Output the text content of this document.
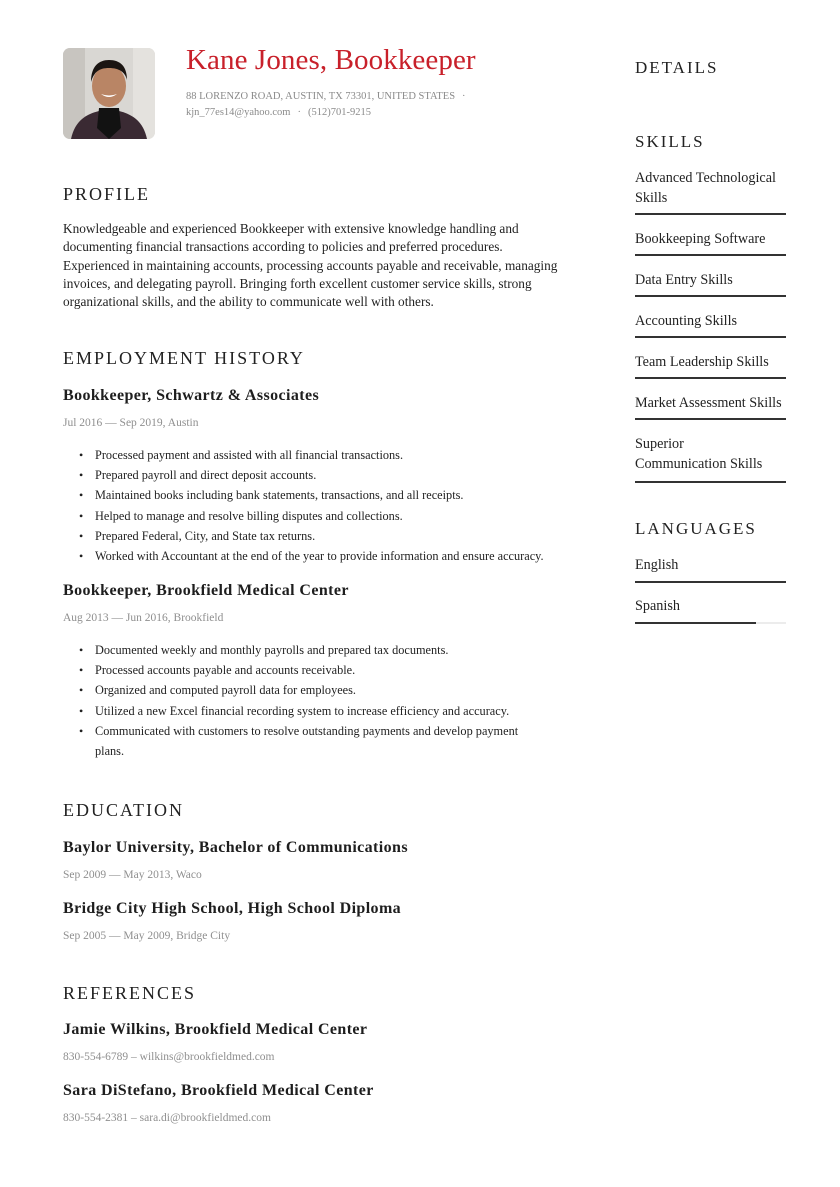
Kane Jones, Bookkeeper
88 LORENZO ROAD, AUSTIN, TX 73301, UNITED STATES ·
kjn_77es14@yahoo.com · (512)701-9215
PROFILE
Knowledgeable and experienced Bookkeeper with extensive knowledge handling and
documenting financial transactions according to policies and preferred procedures.
Experienced in maintaining accounts, processing accounts payable and receivable, managing
invoices, and delegating payroll. Bringing forth excellent customer service skills, strong
organizational skills, and the ability to communicate well with others.
EMPLOYMENT HISTORY
Bookkeeper, Schwartz & Associates
Jul 2016 — Sep 2019, Austin
• Processed payment and assisted with all financial transactions.
• Prepared payroll and direct deposit accounts.
• Maintained books including bank statements, transactions, and all receipts.
• Helped to manage and resolve billing disputes and collections.
• Prepared Federal, City, and State tax returns.
• Worked with Accountant at the end of the year to provide information and ensure accuracy.
Bookkeeper, Brookfield Medical Center
Aug 2013 — Jun 2016, Brookfield
• Documented weekly and monthly payrolls and prepared tax documents.
• Processed accounts payable and accounts receivable.
• Organized and computed payroll data for employees.
• Utilized a new Excel financial recording system to increase efficiency and accuracy.
• Communicated with customers to resolve outstanding payments and develop payment plans.
EDUCATION
Baylor University, Bachelor of Communications
Sep 2009 — May 2013, Waco
Bridge City High School, High School Diploma
Sep 2005 — May 2009, Bridge City
REFERENCES
Jamie Wilkins, Brookfield Medical Center
830-554-6789 – wilkins@brookfieldmed.com
Sara DiStefano, Brookfield Medical Center
830-554-2381 – sara.di@brookfieldmed.com
DETAILS
SKILLS
Advanced Technological Skills
Bookkeeping Software
Data Entry Skills
Accounting Skills
Team Leadership Skills
Market Assessment Skills
Superior Communication Skills
LANGUAGES
English
Spanish
